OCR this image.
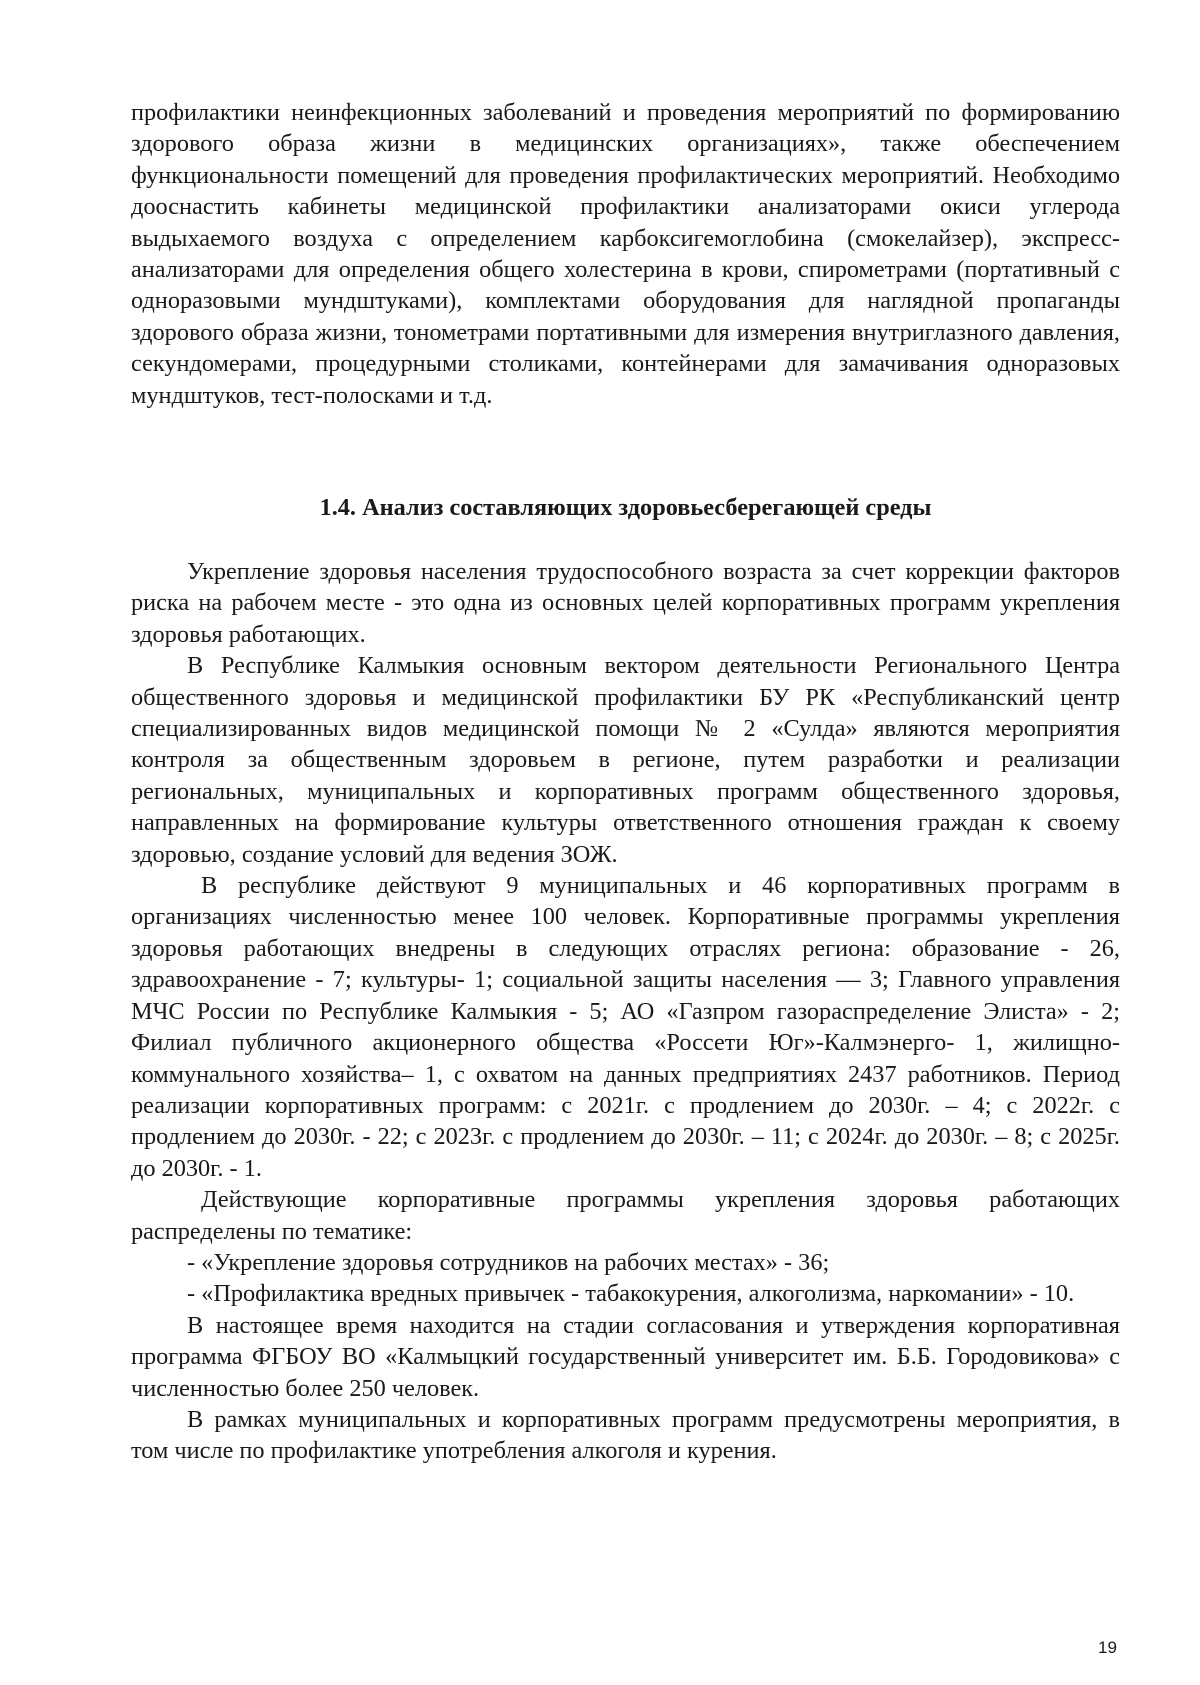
профилактики неинфекционных заболеваний и проведения мероприятий по формированию здорового образа жизни в медицинских организациях», также обеспечением функциональности помещений для проведения профилактических мероприятий. Необходимо дооснастить кабинеты медицинской профилактики анализаторами окиси углерода выдыхаемого воздуха с определением карбоксигемоглобина (смокелайзер), экспресс-анализаторами для определения общего холестерина в крови, спирометрами (портативный с одноразовыми мундштуками), комплектами оборудования для наглядной пропаганды здорового образа жизни, тонометрами портативными для измерения внутриглазного давления, секундомерами, процедурными столиками, контейнерами для замачивания одноразовых мундштуков, тест-полосками и т.д.

1.4. Анализ составляющих здоровьесберегающей среды

Укрепление здоровья населения трудоспособного возраста за счет коррекции факторов риска на рабочем месте - это одна из основных целей корпоративных программ укрепления здоровья работающих.

В Республике Калмыкия основным вектором деятельности Регионального Центра общественного здоровья и медицинской профилактики БУ РК «Республиканский центр специализированных видов медицинской помощи № 2 «Сулда» являются мероприятия контроля за общественным здоровьем в регионе, путем разработки и реализации региональных, муниципальных и корпоративных программ общественного здоровья, направленных на формирование культуры ответственного отношения граждан к своему здоровью, создание условий для ведения ЗОЖ.

В республике действуют 9 муниципальных и 46 корпоративных программ в организациях численностью менее 100 человек. Корпоративные программы укрепления здоровья работающих внедрены в следующих отраслях региона: образование - 26, здравоохранение - 7; культуры- 1; социальной защиты населения — 3; Главного управления МЧС России по Республике Калмыкия - 5; АО «Газпром газораспределение Элиста» - 2; Филиал публичного акционерного общества «Россети Юг»-Калмэнерго- 1, жилищно-коммунального хозяйства– 1, с охватом на данных предприятиях 2437 работников. Период реализации корпоративных программ: с 2021г. с продлением до 2030г. – 4; с 2022г. с продлением до 2030г. - 22; с 2023г. с продлением до 2030г. – 11; с 2024г. до 2030г. – 8; с 2025г. до 2030г. - 1.

Действующие корпоративные программы укрепления здоровья работающих распределены по тематике:

- «Укрепление здоровья сотрудников на рабочих местах» - 36;

- «Профилактика вредных привычек - табакокурения, алкоголизма, наркомании» - 10.

В настоящее время находится на стадии согласования и утверждения корпоративная программа ФГБОУ ВО «Калмыцкий государственный университет им. Б.Б. Городовикова» с численностью более 250 человек.

В рамках муниципальных и корпоративных программ предусмотрены мероприятия, в том числе по профилактике употребления алкоголя и курения.

19
